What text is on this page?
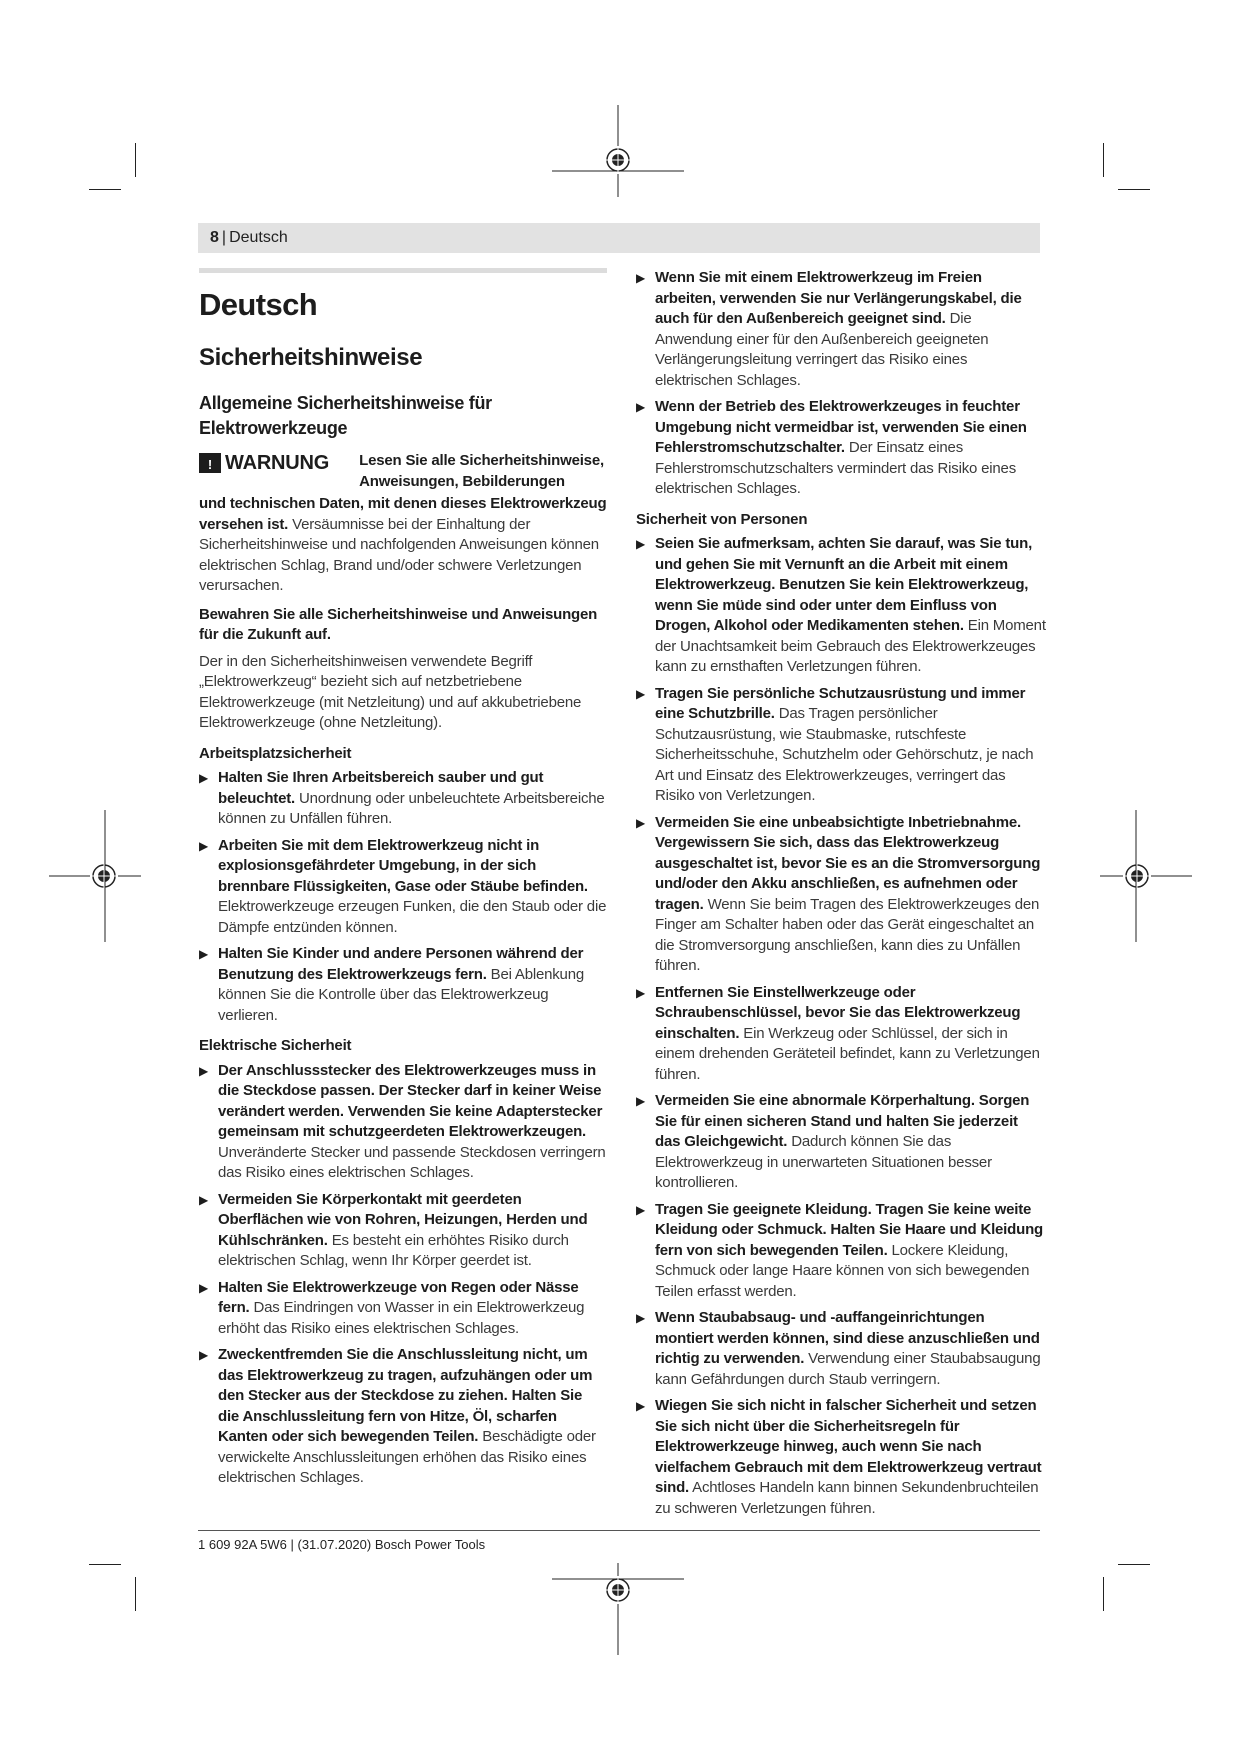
8 | Deutsch
Deutsch
Sicherheitshinweise
Allgemeine Sicherheitshinweise für Elektrowerkzeuge
! WARNUNG	Lesen Sie alle Sicherheitshinweise, Anweisungen, Bebilderungen

und technischen Daten, mit denen dieses Elektrowerkzeug versehen ist. Versäumnisse bei der Einhaltung der Sicherheitshinweise und nachfolgenden Anweisungen können elektrischen Schlag, Brand und/oder schwere Verletzungen verursachen.

Bewahren Sie alle Sicherheitshinweise und Anweisungen für die Zukunft auf.

Der in den Sicherheitshinweisen verwendete Begriff „Elektrowerkzeug“ bezieht sich auf netzbetriebene Elektrowerkzeuge (mit Netzleitung) und auf akkubetriebene Elektrowerkzeuge (ohne Netzleitung).

Arbeitsplatzsicherheit
▶ Halten Sie Ihren Arbeitsbereich sauber und gut beleuchtet. Unordnung oder unbeleuchtete Arbeitsbereiche können zu Unfällen führen.
▶ Arbeiten Sie mit dem Elektrowerkzeug nicht in explosionsgefährdeter Umgebung, in der sich brennbare Flüssigkeiten, Gase oder Stäube befinden. Elektrowerkzeuge erzeugen Funken, die den Staub oder die Dämpfe entzünden können.
▶ Halten Sie Kinder und andere Personen während der Benutzung des Elektrowerkzeugs fern. Bei Ablenkung können Sie die Kontrolle über das Elektrowerkzeug verlieren.
Elektrische Sicherheit
▶ Der Anschlussstecker des Elektrowerkzeuges muss in die Steckdose passen. Der Stecker darf in keiner Weise verändert werden. Verwenden Sie keine Adapterstecker gemeinsam mit schutzgeerdeten Elektrowerkzeugen. Unveränderte Stecker und passende Steckdosen verringern das Risiko eines elektrischen Schlages.
▶ Vermeiden Sie Körperkontakt mit geerdeten Oberflächen wie von Rohren, Heizungen, Herden und Kühlschränken. Es besteht ein erhöhtes Risiko durch elektrischen Schlag, wenn Ihr Körper geerdet ist.
▶ Halten Sie Elektrowerkzeuge von Regen oder Nässe fern. Das Eindringen von Wasser in ein Elektrowerkzeug erhöht das Risiko eines elektrischen Schlages.
▶ Zweckentfremden Sie die Anschlussleitung nicht, um das Elektrowerkzeug zu tragen, aufzuhängen oder um den Stecker aus der Steckdose zu ziehen. Halten Sie die Anschlussleitung fern von Hitze, Öl, scharfen Kanten oder sich bewegenden Teilen. Beschädigte oder verwickelte Anschlussleitungen erhöhen das Risiko eines elektrischen Schlages.
▶ Wenn Sie mit einem Elektrowerkzeug im Freien arbeiten, verwenden Sie nur Verlängerungskabel, die auch für den Außenbereich geeignet sind. Die Anwendung einer für den Außenbereich geeigneten Verlängerungsleitung verringert das Risiko eines elektrischen Schlages.
▶ Wenn der Betrieb des Elektrowerkzeuges in feuchter Umgebung nicht vermeidbar ist, verwenden Sie einen Fehlerstromschutzschalter. Der Einsatz eines Fehlerstromschutzschalters vermindert das Risiko eines elektrischen Schlages.
Sicherheit von Personen
▶ Seien Sie aufmerksam, achten Sie darauf, was Sie tun, und gehen Sie mit Vernunft an die Arbeit mit einem Elektrowerkzeug. Benutzen Sie kein Elektrowerkzeug, wenn Sie müde sind oder unter dem Einfluss von Drogen, Alkohol oder Medikamenten stehen. Ein Moment der Unachtsamkeit beim Gebrauch des Elektrowerkzeuges kann zu ernsthaften Verletzungen führen.
▶ Tragen Sie persönliche Schutzausrüstung und immer eine Schutzbrille. Das Tragen persönlicher Schutzausrüstung, wie Staubmaske, rutschfeste Sicherheitsschuhe, Schutzhelm oder Gehörschutz, je nach Art und Einsatz des Elektrowerkzeuges, verringert das Risiko von Verletzungen.
▶ Vermeiden Sie eine unbeabsichtigte Inbetriebnahme. Vergewissern Sie sich, dass das Elektrowerkzeug ausgeschaltet ist, bevor Sie es an die Stromversorgung und/oder den Akku anschließen, es aufnehmen oder tragen. Wenn Sie beim Tragen des Elektrowerkzeuges den Finger am Schalter haben oder das Gerät eingeschaltet an die Stromversorgung anschließen, kann dies zu Unfällen führen.
▶ Entfernen Sie Einstellwerkzeuge oder Schraubenschlüssel, bevor Sie das Elektrowerkzeug einschalten. Ein Werkzeug oder Schlüssel, der sich in einem drehenden Geräteteil befindet, kann zu Verletzungen führen.
▶ Vermeiden Sie eine abnormale Körperhaltung. Sorgen Sie für einen sicheren Stand und halten Sie jederzeit das Gleichgewicht. Dadurch können Sie das Elektrowerkzeug in unerwarteten Situationen besser kontrollieren.
▶ Tragen Sie geeignete Kleidung. Tragen Sie keine weite Kleidung oder Schmuck. Halten Sie Haare und Kleidung fern von sich bewegenden Teilen. Lockere Kleidung, Schmuck oder lange Haare können von sich bewegenden Teilen erfasst werden.
▶ Wenn Staubabsaug- und -auffangeinrichtungen montiert werden können, sind diese anzuschließen und richtig zu verwenden. Verwendung einer Staubabsaugung kann Gefährdungen durch Staub verringern.
▶ Wiegen Sie sich nicht in falscher Sicherheit und setzen Sie sich nicht über die Sicherheitsregeln für Elektrowerkzeuge hinweg, auch wenn Sie nach vielfachem Gebrauch mit dem Elektrowerkzeug vertraut sind. Achtloses Handeln kann binnen Sekundenbruchteilen zu schweren Verletzungen führen.
1 609 92A 5W6 | (31.07.2020) Bosch Power Tools
